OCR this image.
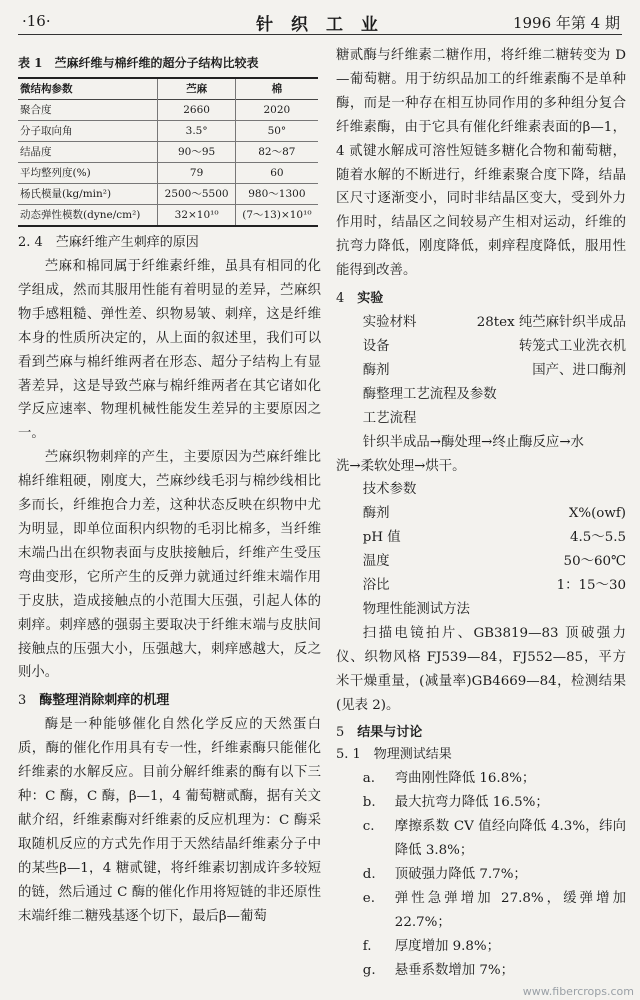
·16·	针 织 工 业	1996 年第 4 期
表 1　苎麻纤维与棉纤维的超分子结构比较表
微结构参数	苎麻	棉
聚合度	2660	2020
分子取向角	3.5°	50°
结晶度	90～95	82～87
平均整列度(%)	79	60
杨氏模量(kg/min²)	2500～5500	980～1300
动态弹性模数(dyne/cm²)	32×10¹⁰	(7～13)×10¹⁰
2. 4　苎麻纤维产生刺痒的原因

苎麻和棉同属于纤维素纤维，虽具有相同的化学组成，然而其服用性能有着明显的差异，苎麻织物手感粗糙、弹性差、织物易皱、刺痒，这是纤维本身的性质所决定的，从上面的叙述里，我们可以看到苎麻与棉纤维两者在形态、超分子结构上有显著差异，这是导致苎麻与棉纤维两者在其它诸如化学反应速率、物理机械性能发生差异的主要原因之一。

苎麻织物刺痒的产生，主要原因为苎麻纤维比棉纤维粗硬，刚度大，苎麻纱线毛羽与棉纱线相比多而长，纤维抱合力差，这种状态反映在织物中尤为明显，即单位面积内织物的毛羽比棉多，当纤维末端凸出在织物表面与皮肤接触后，纤维产生受压弯曲变形，它所产生的反弹力就通过纤维末端作用于皮肤，造成接触点的小范围大压强，引起人体的刺痒。刺痒感的强弱主要取决于纤维末端与皮肤间接触点的压强大小，压强越大，刺痒感越大，反之则小。

3　酶整理消除刺痒的机理

酶是一种能够催化自然化学反应的天然蛋白质，酶的催化作用具有专一性，纤维素酶只能催化纤维素的水解反应。目前分解纤维素的酶有以下三种：C 酶，C 酶，β—1，4 葡萄糖贰酶，据有关文献介绍，纤维素酶对纤维素的反应机理为：C 酶采取随机反应的方式先作用于天然结晶纤维素分子中的某些β—1，4 糖贰键，将纤维素切割成许多较短的链，然后通过 C 酶的催化作用将短链的非还原性末端纤维二糖残基逐个切下，最后β—葡萄

糖贰酶与纤维素二糖作用，将纤维二糖转变为 D—葡萄糖。用于纺织品加工的纤维素酶不是单种酶，而是一种存在相互协同作用的多种组分复合纤维素酶，由于它具有催化纤维素表面的β—1，4 贰键水解成可溶性短链多糖化合物和葡萄糖，随着水解的不断进行，纤维素聚合度下降，结晶区尺寸逐渐变小，同时非结晶区变大，受到外力作用时，结晶区之间较易产生相对运动，纤维的抗弯力降低，刚度降低，刺痒程度降低，服用性能得到改善。

4　实验
实验材料	28tex 纯苎麻针织半成品
设备	转笼式工业洗衣机
酶剂	国产、进口酶剂
酶整理工艺流程及参数
工艺流程
针织半成品→酶处理→终止酶反应→水
洗→柔软处理→烘干。
技术参数
酶剂	X%(owf)
pH 值	4.5～5.5
温度	50～60℃
浴比	1：15～30
物理性能测试方法

扫描电镜拍片、GB3819—83 顶破强力仪、织物风格 FJ539—84，FJ552—85，平方米干燥重量，(减量率)GB4669—84，检测结果(见表 2)。

5　结果与讨论
5. 1　物理测试结果
a.	弯曲刚性降低 16.8%；
b.	最大抗弯力降低 16.5%；
c.	摩擦系数 CV 值经向降低 4.3%，纬向降低 3.8%；
d.	顶破强力降低 7.7%；
e.	弹性急弹增加 27.8%，缓弹增加 22.7%；
f.	厚度增加 9.8%；
g.	悬垂系数增加 7%；
www.fibercrops.com
